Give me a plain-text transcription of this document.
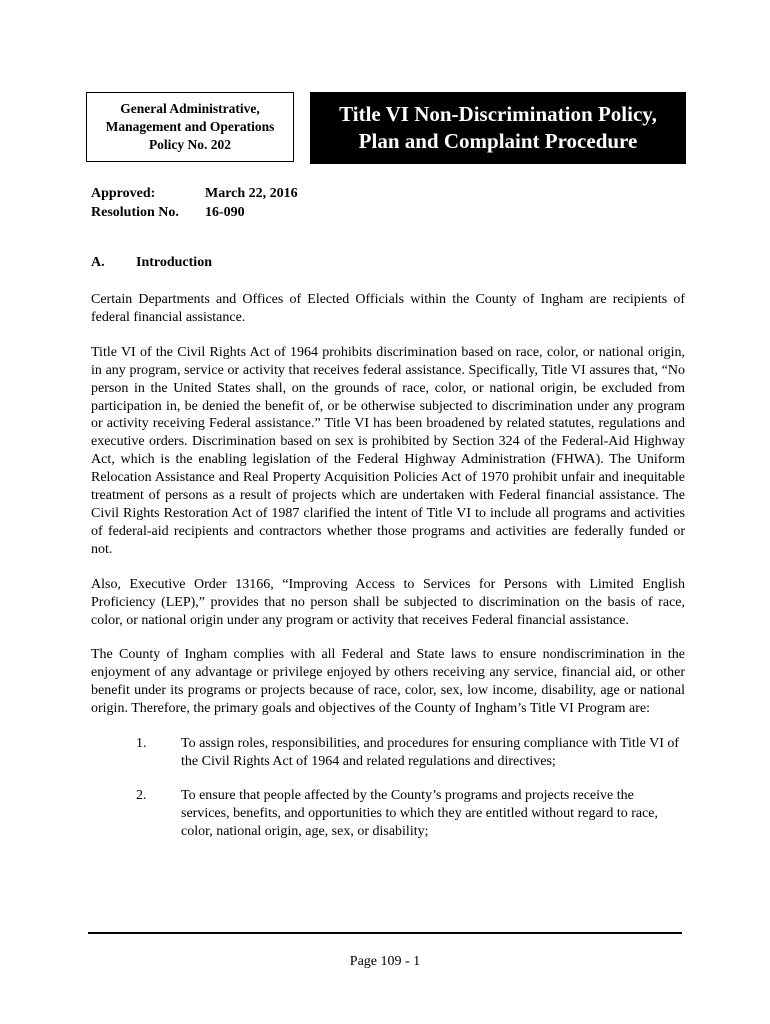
General Administrative,
Management and Operations
Policy No. 202
Title VI Non-Discrimination Policy,
Plan and Complaint Procedure
Approved:	March 22, 2016
Resolution No.	16-090
A.	Introduction

Certain Departments and Offices of Elected Officials within the County of Ingham are recipients of federal financial assistance.

Title VI of the Civil Rights Act of 1964 prohibits discrimination based on race, color, or national origin, in any program, service or activity that receives federal assistance. Specifically, Title VI assures that, “No person in the United States shall, on the grounds of race, color, or national origin, be excluded from participation in, be denied the benefit of, or be otherwise subjected to discrimination under any program or activity receiving Federal assistance.” Title VI has been broadened by related statutes, regulations and executive orders. Discrimination based on sex is prohibited by Section 324 of the Federal-Aid Highway Act, which is the enabling legislation of the Federal Highway Administration (FHWA). The Uniform Relocation Assistance and Real Property Acquisition Policies Act of 1970 prohibit unfair and inequitable treatment of persons as a result of projects which are undertaken with Federal financial assistance. The Civil Rights Restoration Act of 1987 clarified the intent of Title VI to include all programs and activities of federal-aid recipients and contractors whether those programs and activities are federally funded or not.

Also, Executive Order 13166, “Improving Access to Services for Persons with Limited English Proficiency (LEP),” provides that no person shall be subjected to discrimination on the basis of race, color, or national origin under any program or activity that receives Federal financial assistance.

The County of Ingham complies with all Federal and State laws to ensure nondiscrimination in the enjoyment of any advantage or privilege enjoyed by others receiving any service, financial aid, or other benefit under its programs or projects because of race, color, sex, low income, disability, age or national origin. Therefore, the primary goals and objectives of the County of Ingham’s Title VI Program are:

1.	To assign roles, responsibilities, and procedures for ensuring compliance with Title VI of the Civil Rights Act of 1964 and related regulations and directives;
2.	To ensure that people affected by the County’s programs and projects receive the services, benefits, and opportunities to which they are entitled without regard to race, color, national origin, age, sex, or disability;
Page 109 - 1
